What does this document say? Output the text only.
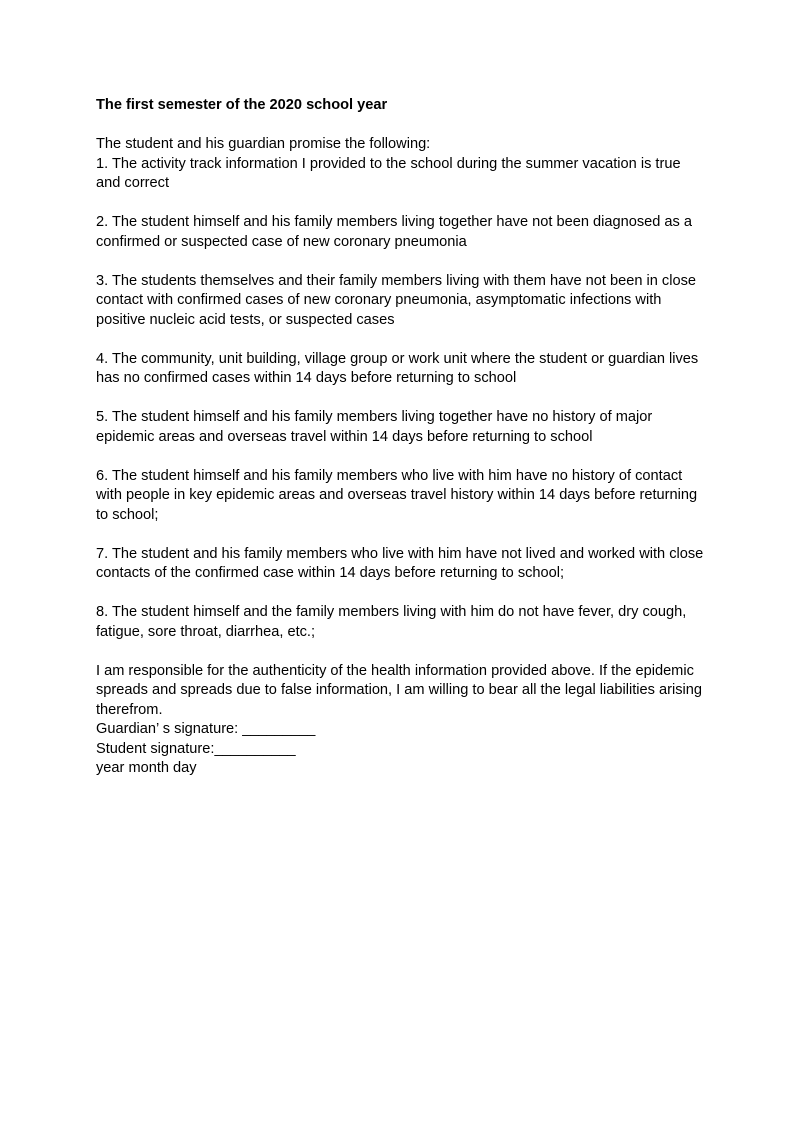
The first semester of the 2020 school year

The student and his guardian promise the following:

1. The activity track information I provided to the school during the summer vacation is true and correct

2. The student himself and his family members living together have not been diagnosed as a confirmed or suspected case of new coronary pneumonia

3. The students themselves and their family members living with them have not been in close contact with confirmed cases of new coronary pneumonia, asymptomatic infections with positive nucleic acid tests, or suspected cases

4. The community, unit building, village group or work unit where the student or guardian lives has no confirmed cases within 14 days before returning to school

5. The student himself and his family members living together have no history of major epidemic areas and overseas travel within 14 days before returning to school

6. The student himself and his family members who live with him have no history of contact with people in key epidemic areas and overseas travel history within 14 days before returning to school;

7. The student and his family members who live with him have not lived and worked with close contacts of the confirmed case within 14 days before returning to school;

8. The student himself and the family members living with him do not have fever, dry cough, fatigue, sore throat, diarrhea, etc.;

I am responsible for the authenticity of the health information provided above. If the epidemic spreads and spreads due to false information, I am willing to bear all the legal liabilities arising therefrom.

Guardian’ s signature: _________

Student signature:__________

year month day
